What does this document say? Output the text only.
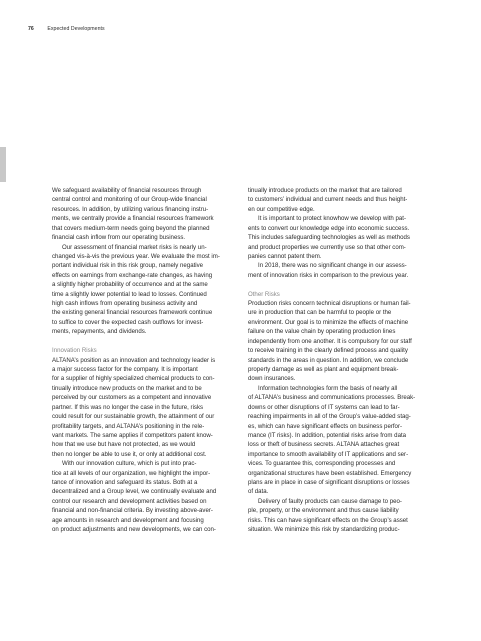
76	Expected Developments

We safeguard availability of financial resources through
central control and monitoring of our Group-wide financial
resources. In addition, by utilizing various financing instru-
ments, we centrally provide a financial resources framework
that covers medium-term needs going beyond the planned
financial cash inflow from our operating business.

Our assessment of financial market risks is nearly un-
changed vis-à-vis the previous year. We evaluate the most im-
portant individual risk in this risk group, namely negative
effects on earnings from exchange-rate changes, as having
a slightly higher probability of occurrence and at the same
time a slightly lower potential to lead to losses. Continued
high cash inflows from operating business activity and
the existing general financial resources framework continue
to suffice to cover the expected cash outflows for invest-
ments, repayments, and dividends.

Innovation Risks

ALTANA’s position as an innovation and technology leader is
a major success factor for the company. It is important
for a supplier of highly specialized chemical products to con-
tinually introduce new products on the market and to be
perceived by our customers as a competent and innovative
partner. If this was no longer the case in the future, risks
could result for our sustainable growth, the attainment of our
profitability targets, and ALTANA’s positioning in the rele-
vant markets. The same applies if competitors patent know-
how that we use but have not protected, as we would
then no longer be able to use it, or only at additional cost.

With our innovation culture, which is put into prac-
tice at all levels of our organization, we highlight the impor-
tance of innovation and safeguard its status. Both at a
decentralized and a Group level, we continually evaluate and
control our research and development activities based on
financial and non-financial criteria. By investing above-aver-
age amounts in research and development and focusing
on product adjustments and new developments, we can con-

tinually introduce products on the market that are tailored
to customers’ individual and current needs and thus height-
en our competitive edge.

It is important to protect knowhow we develop with pat-
ents to convert our knowledge edge into economic success.
This includes safeguarding technologies as well as methods
and product properties we currently use so that other com-
panies cannot patent them.

In 2018, there was no significant change in our assess-
ment of innovation risks in comparison to the previous year.

Other Risks

Production risks concern technical disruptions or human fail-
ure in production that can be harmful to people or the
environment. Our goal is to minimize the effects of machine
failure on the value chain by operating production lines
independently from one another. It is compulsory for our staff
to receive training in the clearly defined process and quality
standards in the areas in question. In addition, we conclude
property damage as well as plant and equipment break-
down insurances.

Information technologies form the basis of nearly all
of ALTANA’s business and communications processes. Break-
downs or other disruptions of IT systems can lead to far-
reaching impairments in all of the Group’s value-added stag-
es, which can have significant effects on business perfor-
mance (IT risks). In addition, potential risks arise from data
loss or theft of business secrets. ALTANA attaches great
importance to smooth availability of IT applications and ser-
vices. To guarantee this, corresponding processes and
organizational structures have been established. Emergency
plans are in place in case of significant disruptions or losses
of data.

Delivery of faulty products can cause damage to peo-
ple, property, or the environment and thus cause liability
risks. This can have significant effects on the Group’s asset
situation. We minimize this risk by standardizing produc-
